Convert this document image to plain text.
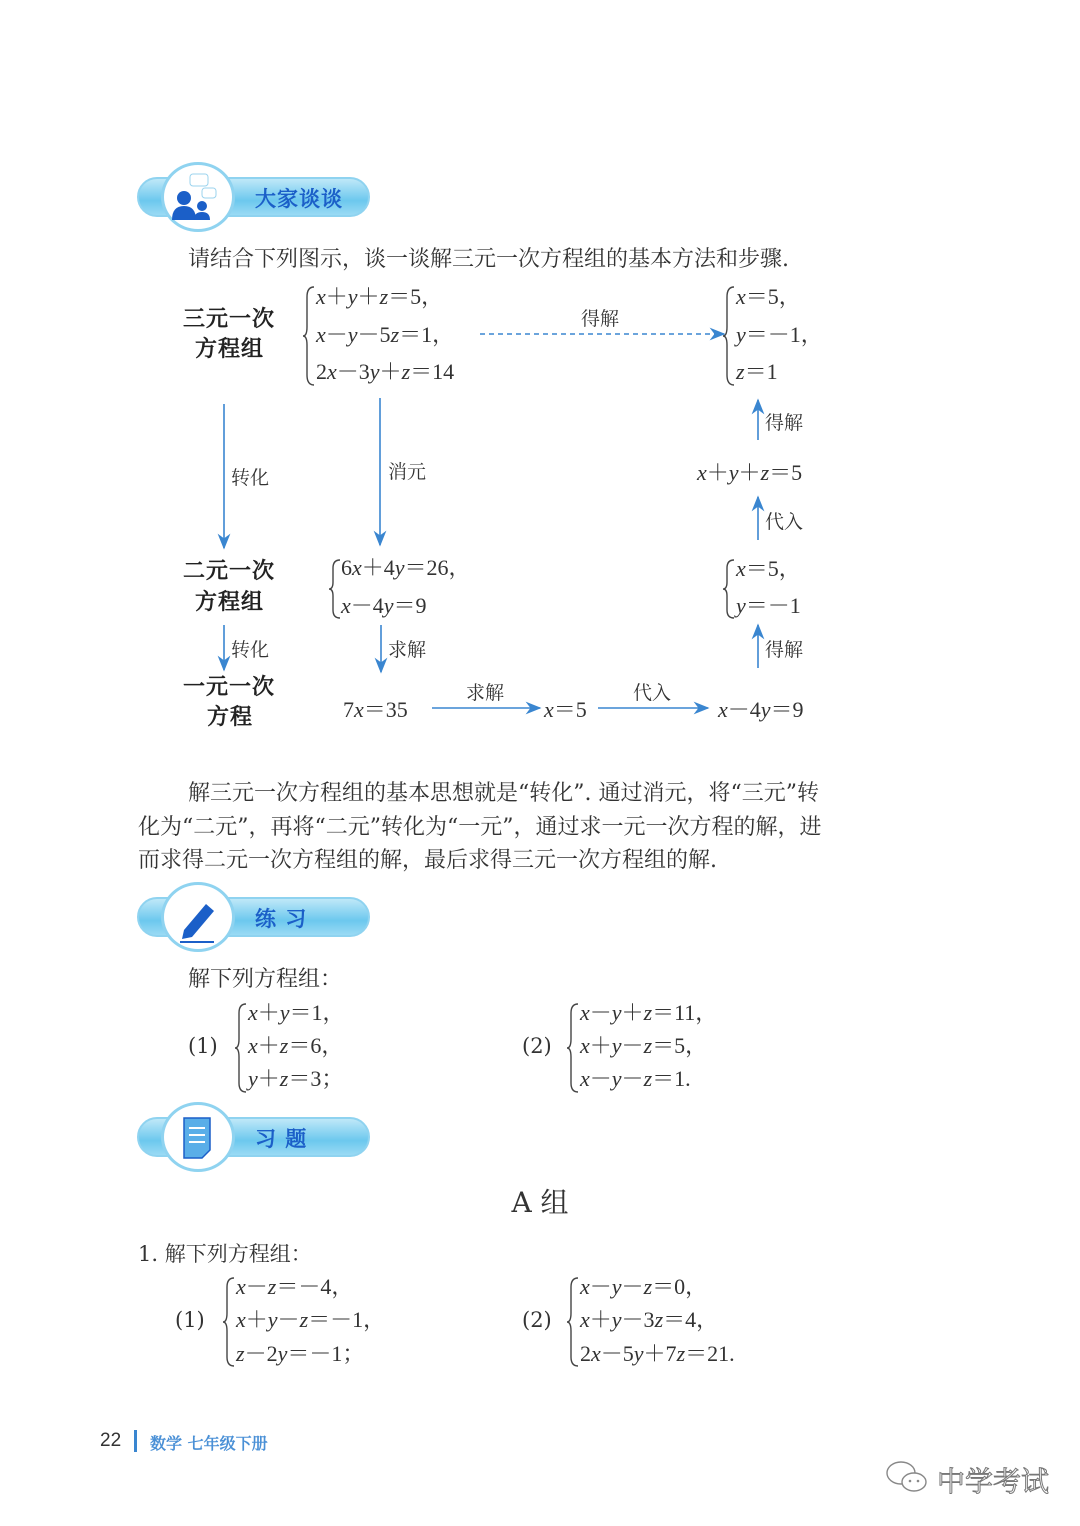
大家谈谈
请结合下列图示，谈一谈解三元一次方程组的基本方法和步骤.
三元一次
方程组
二元一次
方程组
一元一次
方程
x＋y＋z＝5，
x－y－5z＝1，
2x－3y＋z＝14
x＝5，
y＝－1，
z＝1
得解
转化	消元
转化	求解
求解	代入
得解
代入
得解
x＋y＋z＝5
6x＋4y＝26，
x－4y＝9
x＝5，
y＝－1
7x＝35	x＝5	x－4y＝9
解三元一次方程组的基本思想就是“转化”. 通过消元，将“三元”转
化为“二元”，再将“二元”转化为“一元”，通过求一元一次方程的解，进
而求得二元一次方程组的解，最后求得三元一次方程组的解.
练 习
解下列方程组：
(1)
x＋y＝1，
x＋z＝6，
y＋z＝3；
(2)
x－y＋z＝11，
x＋y－z＝5，
x－y－z＝1.
习 题
A 组
1. 解下列方程组：
(1)
x－z＝－4，
x＋y－z＝－1，
z－2y＝－1；
(2)
x－y－z＝0，
x＋y－3z＝4，
2x－5y＋7z＝21.
22 数学 七年级下册
中学考试
